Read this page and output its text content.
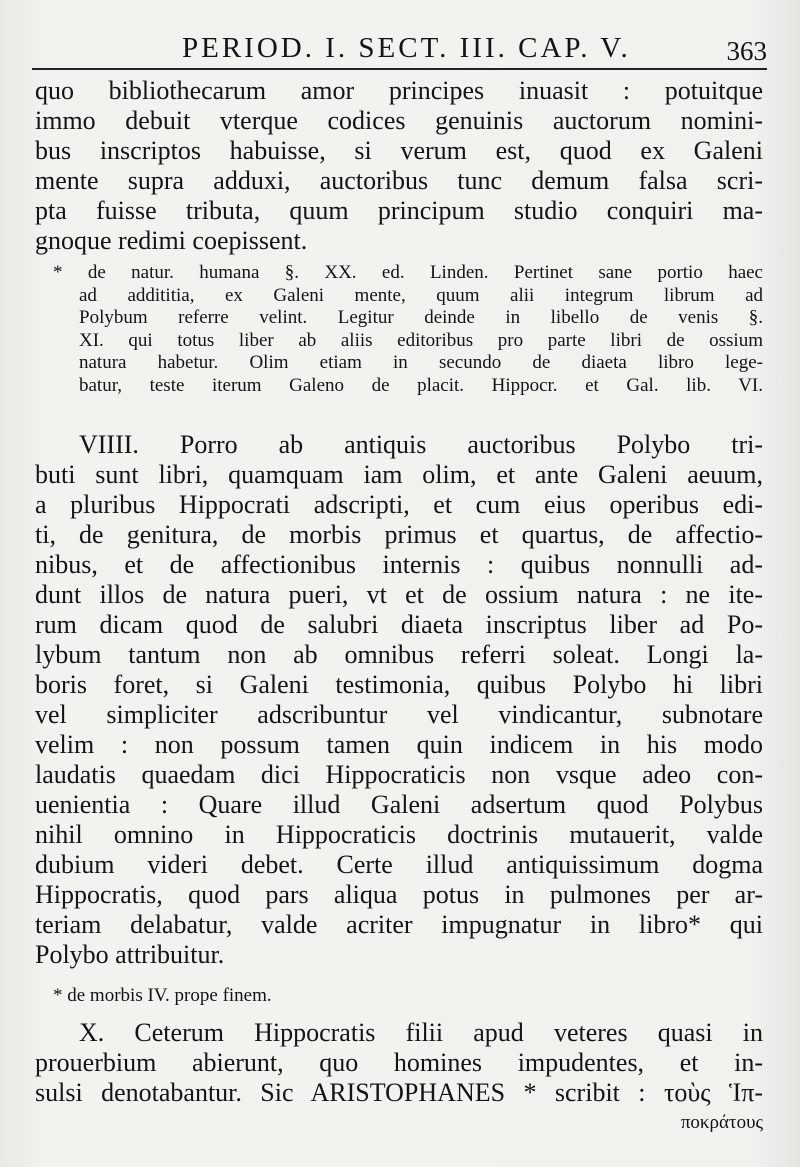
PERIOD. I. SECT. III. CAP. V.	363
quo bibliothecarum amor principes inuasit : potuitque
immo debuit vterque codices genuinis auctorum nomini-
bus inscriptos habuisse, si verum est, quod ex Galeni
mente supra adduxi, auctoribus tunc demum falsa scri-
pta fuisse tributa, quum principum studio conquiri ma-
gnoque redimi coepissent.
* de natur. humana §. XX. ed. Linden. Pertinet sane portio haec
ad addititia, ex Galeni mente, quum alii integrum librum ad
Polybum referre velint. Legitur deinde in libello de venis §.
XI. qui totus liber ab aliis editoribus pro parte libri de ossium
natura habetur. Olim etiam in secundo de diaeta libro lege-
batur, teste iterum Galeno de placit. Hippocr. et Gal. lib. VI.
VIIII. Porro ab antiquis auctoribus Polybo tri-
buti sunt libri, quamquam iam olim, et ante Galeni aeuum,
a pluribus Hippocrati adscripti, et cum eius operibus edi-
ti, de genitura, de morbis primus et quartus, de affectio-
nibus, et de affectionibus internis : quibus nonnulli ad-
dunt illos de natura pueri, vt et de ossium natura : ne ite-
rum dicam quod de salubri diaeta inscriptus liber ad Po-
lybum tantum non ab omnibus referri soleat. Longi la-
boris foret, si Galeni testimonia, quibus Polybo hi libri
vel simpliciter adscribuntur vel vindicantur, subnotare
velim : non possum tamen quin indicem in his modo
laudatis quaedam dici Hippocraticis non vsque adeo con-
uenientia : Quare illud Galeni adsertum quod Polybus
nihil omnino in Hippocraticis doctrinis mutauerit, valde
dubium videri debet. Certe illud antiquissimum dogma
Hippocratis, quod pars aliqua potus in pulmones per ar-
teriam delabatur, valde acriter impugnatur in libro* qui
Polybo attribuitur.
* de morbis IV. prope finem.
X. Ceterum Hippocratis filii apud veteres quasi in
prouerbium abierunt, quo homines impudentes, et in-
sulsi denotabantur. Sic ARISTOPHANES * scribit : τοὺς Ἱπ-
ποκράτους
